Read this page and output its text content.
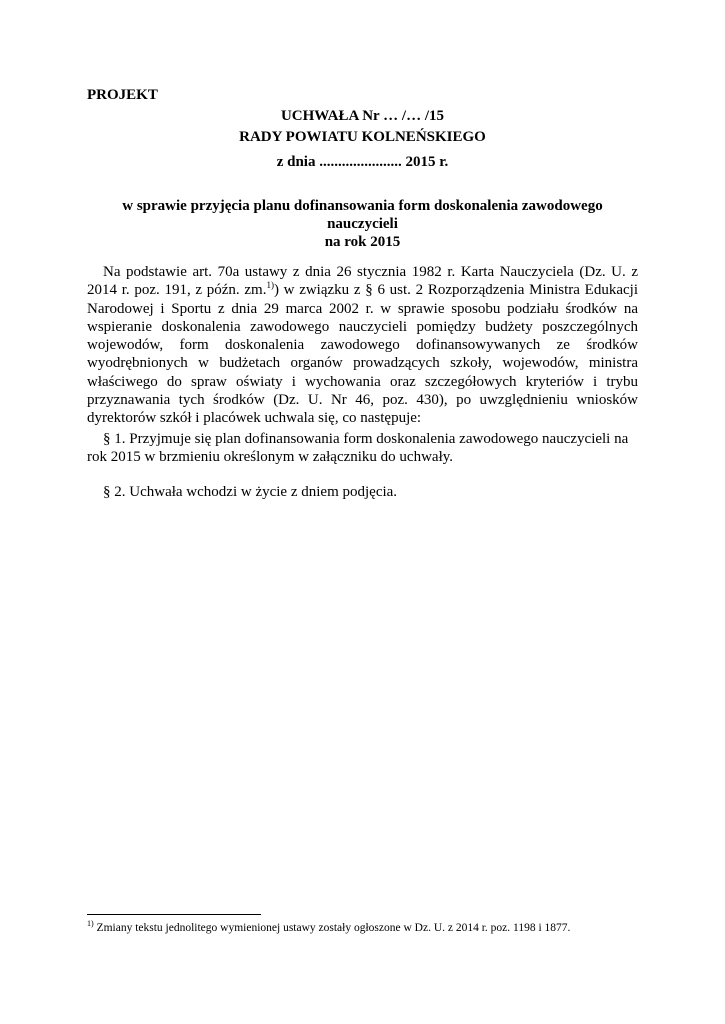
PROJEKT
UCHWAŁA Nr … /… /15
RADY POWIATU KOLNEŃSKIEGO
z dnia ...................... 2015 r.
w sprawie przyjęcia planu dofinansowania form doskonalenia zawodowego nauczycieli
na rok 2015
Na podstawie art. 70a ustawy z dnia 26 stycznia 1982 r. Karta Nauczyciela (Dz. U. z 2014 r. poz. 191, z późn. zm.$^{1)}$) w związku z § 6 ust. 2 Rozporządzenia Ministra Edukacji Narodowej i Sportu z dnia 29 marca 2002 r. w sprawie sposobu podziału środków na wspieranie doskonalenia zawodowego nauczycieli pomiędzy budżety poszczególnych wojewodów, form doskonalenia zawodowego dofinansowywanych ze środków wyodrębnionych w budżetach organów prowadzących szkoły, wojewodów, ministra właściwego do spraw oświaty i wychowania oraz szczegółowych kryteriów i trybu przyznawania tych środków (Dz. U. Nr 46, poz. 430), po uwzględnieniu wniosków dyrektorów szkół i placówek uchwala się, co następuje:
§ 1. Przyjmuje się plan dofinansowania form doskonalenia zawodowego nauczycieli na rok 2015 w brzmieniu określonym w załączniku do uchwały.
§ 2. Uchwała wchodzi w życie z dniem podjęcia.
$^{1)}$ Zmiany tekstu jednolitego wymienionej ustawy zostały ogłoszone w Dz. U. z 2014 r. poz. 1198 i 1877.
